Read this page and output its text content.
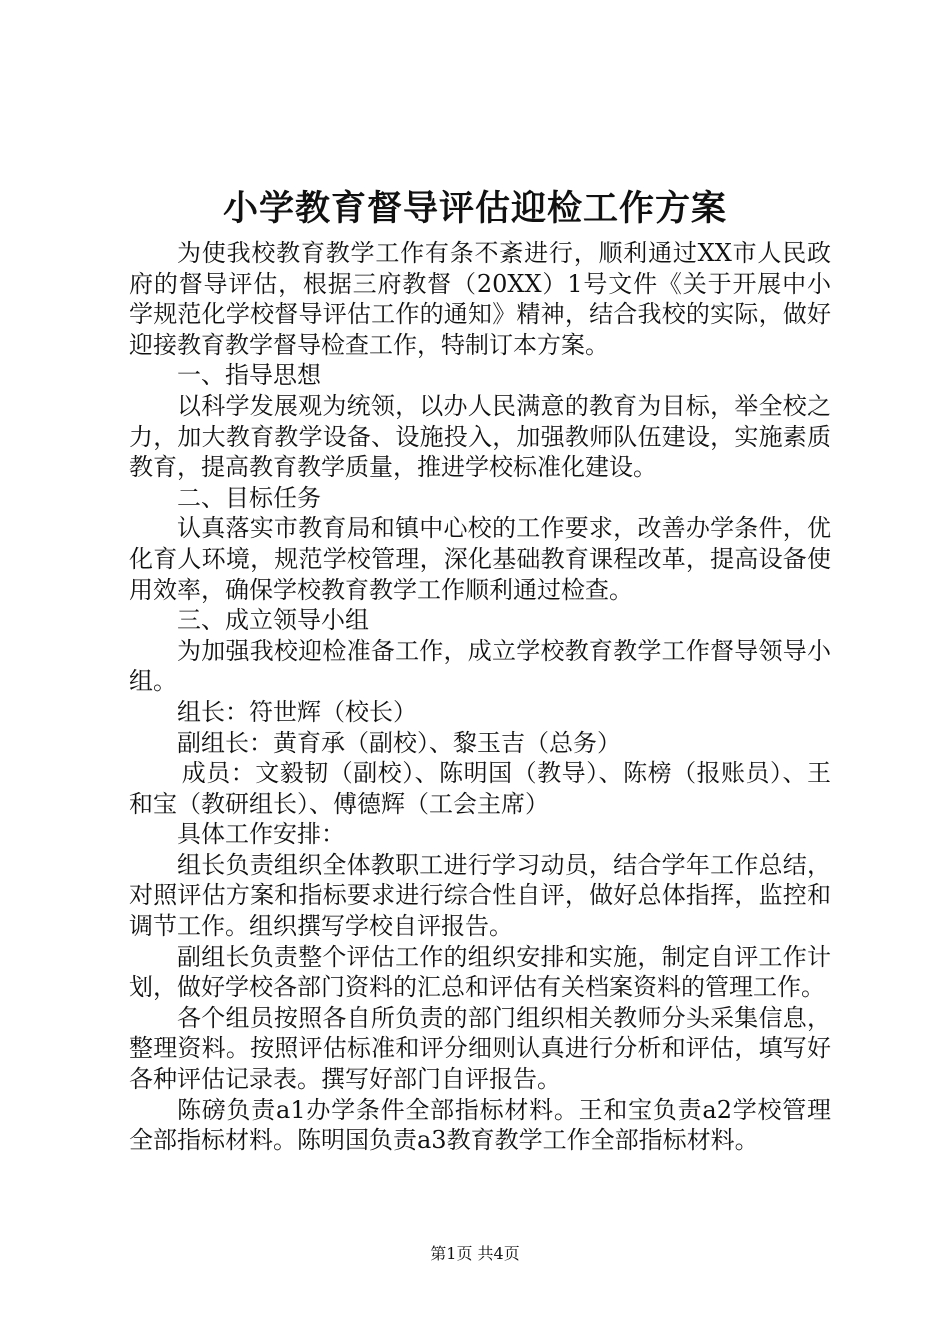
小学教育督导评估迎检工作方案

为使我校教育教学工作有条不紊进行，顺利通过XX市人民政府的督导评估，根据三府教督（20XX）1号文件《关于开展中小学规范化学校督导评估工作的通知》精神，结合我校的实际，做好迎接教育教学督导检查工作，特制订本方案。

一、指导思想

以科学发展观为统领，以办人民满意的教育为目标，举全校之力，加大教育教学设备、设施投入，加强教师队伍建设，实施素质教育，提高教育教学质量，推进学校标准化建设。

二、目标任务

认真落实市教育局和镇中心校的工作要求，改善办学条件，优化育人环境，规范学校管理，深化基础教育课程改革，提高设备使用效率，确保学校教育教学工作顺利通过检查。

三、成立领导小组

为加强我校迎检准备工作，成立学校教育教学工作督导领导小组。

组长：符世辉（校长）

副组长：黄育承（副校）、黎玉吉（总务）

成员：文毅韧（副校）、陈明国（教导）、陈榜（报账员）、王和宝（教研组长）、傅德辉（工会主席）

具体工作安排：

组长负责组织全体教职工进行学习动员，结合学年工作总结，对照评估方案和指标要求进行综合性自评，做好总体指挥，监控和调节工作。组织撰写学校自评报告。

副组长负责整个评估工作的组织安排和实施，制定自评工作计划，做好学校各部门资料的汇总和评估有关档案资料的管理工作。

各个组员按照各自所负责的部门组织相关教师分头采集信息，整理资料。按照评估标准和评分细则认真进行分析和评估，填写好各种评估记录表。撰写好部门自评报告。

陈磅负责a1办学条件全部指标材料。王和宝负责a2学校管理全部指标材料。陈明国负责a3教育教学工作全部指标材料。

第1页 共4页
